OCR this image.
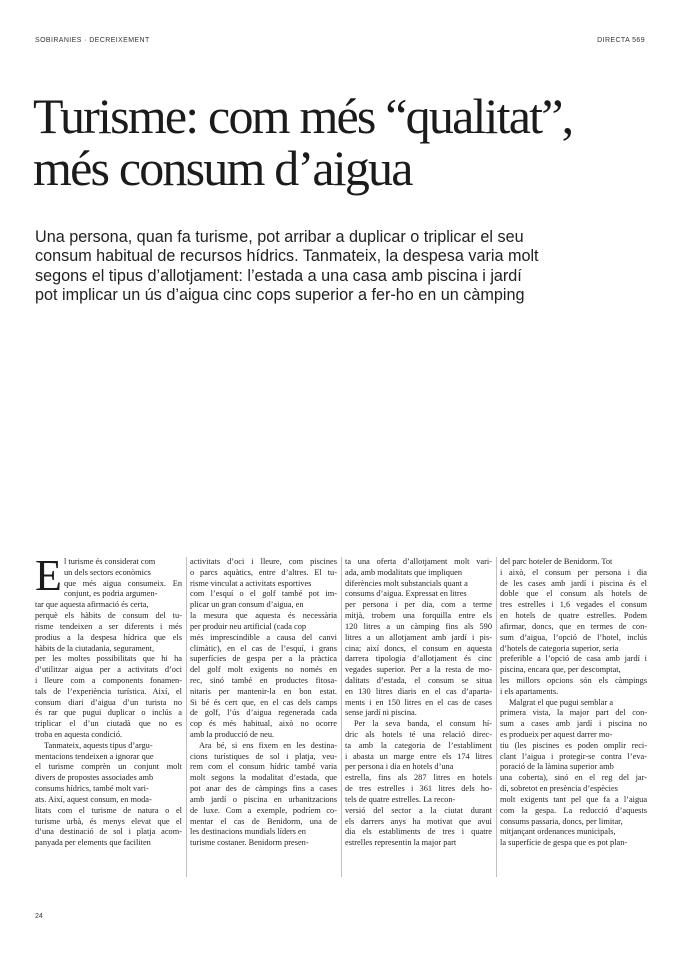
SOBIRANIES · DECREIXEMENT	DIRECTA 569
Turisme: com més “qualitat”,
més consum d’aigua

Una persona, quan fa turisme, pot arribar a duplicar o triplicar el seu
consum habitual de recursos hídrics. Tanmateix, la despesa varia molt
segons el tipus d’allotjament: l’estada a una casa amb piscina i jardí
pot implicar un ús d’aigua cinc cops superior a fer-ho en un càmping

E l turisme és considerat com
un dels sectors econòmics
que més aigua consumeix. En
conjunt, es podria argumen-
tar que aquesta afirmació és certa,
perquè els hàbits de consum del tu-
risme tendeixen a ser diferents i més
prodius a la despesa hídrica que els
hàbits de la ciutadania, segurament,
per les moltes possibilitats que hi ha
d’utilitzar aigua per a activitats d’oci
i lleure com a components fonamen-
tals de l’experiència turística. Així, el
consum diari d’aigua d’un turista no
és rar que pugui duplicar o inclús a
triplicar el d’un ciutadà que no es
troba en aquesta condició.
Tanmateix, aquests tipus d’argu-
mentacions tendeixen a ignorar que
el turisme comprèn un conjunt molt
divers de propostes associades amb
consums hídrics, també molt vari-
ats. Així, aquest consum, en moda-
litats com el turisme de natura o el
turisme urbà, és menys elevat que el
d’una destinació de sol i platja acom-
panyada per elements que faciliten
activitats d’oci i lleure, com piscines
o parcs aquàtics, entre d’altres. El tu-
risme vinculat a activitats esportives
com l’esquí o el golf també pot im-
plicar un gran consum d’aigua, en
la mesura que aquesta és necessària
per produir neu artificial (cada cop
més imprescindible a causa del canvi
climàtic), en el cas de l’esquí, i grans
superfícies de gespa per a la pràctica
del golf molt exigents no només en
rec, sinó també en productes fitosa-
nitaris per mantenir-la en bon estat.
Si bé és cert que, en el cas dels camps
de golf, l’ús d’aigua regenerada cada
cop és més habitual, això no ocorre
amb la producció de neu.
Ara bé, si ens fixem en les destina-
cions turístiques de sol i platja, veu-
rem com el consum hídric també varia
molt segons la modalitat d’estada, que
pot anar des de càmpings fins a cases
amb jardí o piscina en urbanitzacions
de luxe. Com a exemple, podríem co-
mentar el cas de Benidorm, una de
les destinacions mundials líders en
turisme costaner. Benidorm presen-
ta una oferta d’allotjament molt vari-
ada, amb modalitats que impliquen
diferències molt substancials quant a
consums d’aigua. Expressat en litres
per persona i per dia, com a terme
mitjà, trobem una forquilla entre els
120 litres a un càmping fins als 590
litres a un allotjament amb jardí i pis-
cina; així doncs, el consum en aquesta
darrera tipologia d’allotjament és cinc
vegades superior. Per a la resta de mo-
dalitats d’estada, el consum se situa
en 130 litres diaris en el cas d’aparta-
ments i en 150 litres en el cas de cases
sense jardí ni piscina.
Per la seva banda, el consum hí-
dric als hotels té una relació direc-
ta amb la categoria de l’establiment
i abasta un marge entre els 174 litres
per persona i dia en hotels d’una
estrella, fins als 287 litres en hotels
de tres estrelles i 361 litres dels ho-
tels de quatre estrelles. La recon-
versió del sector a la ciutat durant
els darrers anys ha motivat que avui
dia els establiments de tres i quatre
estrelles representin la major part
del parc hoteler de Benidorm. Tot
i això, el consum per persona i dia
de les cases amb jardí i piscina és el
doble que el consum als hotels de
tres estrelles i 1,6 vegades el consum
en hotels de quatre estrelles. Podem
afirmar, doncs, que en termes de con-
sum d’aigua, l’opció de l’hotel, inclús
d’hotels de categoria superior, seria
preferible a l’opció de casa amb jardí i
piscina, encara que, per descomptat,
les millors opcions són els càmpings
i els apartaments.
Malgrat el que pugui semblar a
primera vista, la major part del con-
sum a cases amb jardí i piscina no
es produeix per aquest darrer mo-
tiu (les piscines es poden omplir reci-
clant l’aigua i protegir-se contra l’eva-
poració de la làmina superior amb
una coberta), sinó en el reg del jar-
dí, sobretot en presència d’espècies
molt exigents tant pel que fa a l’aigua
com la gespa. La reducció d’aquests
consums passaria, doncs, per limitar,
mitjançant ordenances municipals,
la superfície de gespa que es pot plan-
24
